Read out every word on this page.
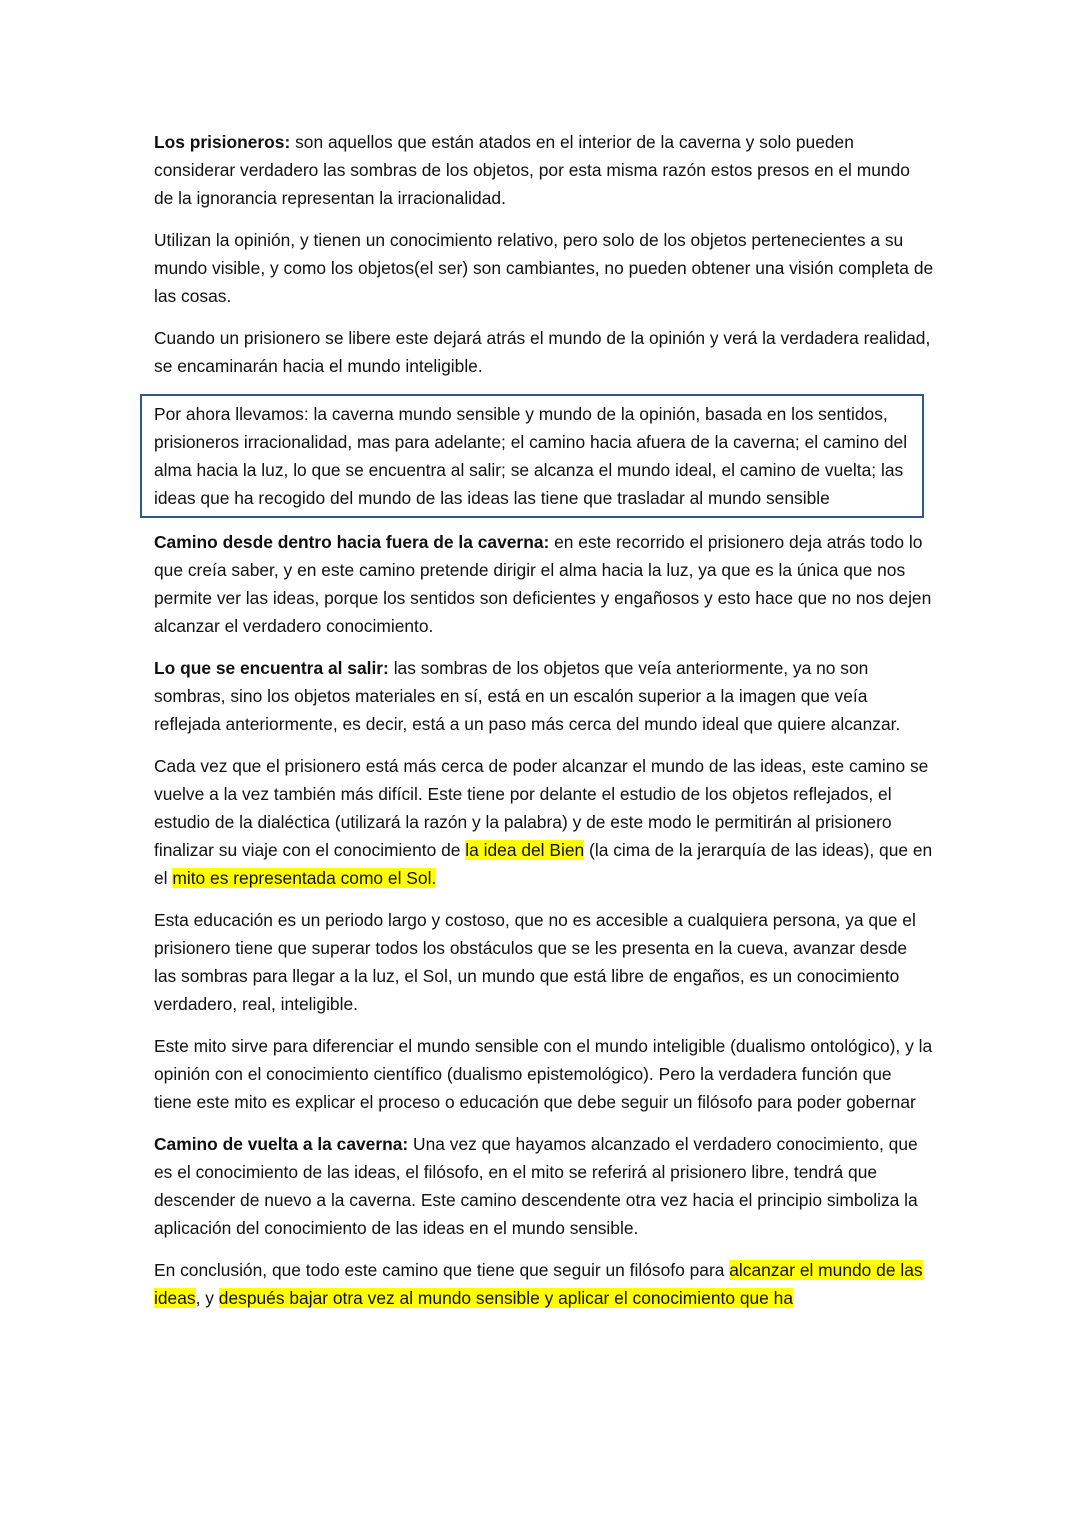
Los prisioneros: son aquellos que están atados en el interior de la caverna y solo pueden considerar verdadero las sombras de los objetos, por esta misma razón estos presos en el mundo de la ignorancia representan la irracionalidad.

Utilizan la opinión, y tienen un conocimiento relativo, pero solo de los objetos pertenecientes a su mundo visible, y como los objetos(el ser) son cambiantes, no pueden obtener una visión completa de las cosas.

Cuando un prisionero se libere este dejará atrás el mundo de la opinión y verá la verdadera realidad, se encaminarán hacia el mundo inteligible.

Por ahora llevamos: la caverna mundo sensible y mundo de la opinión, basada en los sentidos, prisioneros irracionalidad, mas para adelante; el camino hacia afuera de la caverna; el camino del alma hacia la luz, lo que se encuentra al salir; se alcanza el mundo ideal, el camino de vuelta; las ideas que ha recogido del mundo de las ideas las tiene que trasladar al mundo sensible

Camino desde dentro hacia fuera de la caverna: en este recorrido el prisionero deja atrás todo lo que creía saber, y en este camino pretende dirigir el alma hacia la luz, ya que es la única que nos permite ver las ideas, porque los sentidos son deficientes y engañosos y esto hace que no nos dejen alcanzar el verdadero conocimiento.

Lo que se encuentra al salir: las sombras de los objetos que veía anteriormente, ya no son sombras, sino los objetos materiales en sí, está en un escalón superior a la imagen que veía reflejada anteriormente, es decir, está a un paso más cerca del mundo ideal que quiere alcanzar.

Cada vez que el prisionero está más cerca de poder alcanzar el mundo de las ideas, este camino se vuelve a la vez también más difícil. Este tiene por delante el estudio de los objetos reflejados, el estudio de la dialéctica (utilizará la razón y la palabra) y de este modo le permitirán al prisionero finalizar su viaje con el conocimiento de la idea del Bien (la cima de la jerarquía de las ideas), que en el mito es representada como el Sol.

Esta educación es un periodo largo y costoso, que no es accesible a cualquiera persona, ya que el prisionero tiene que superar todos los obstáculos que se les presenta en la cueva, avanzar desde las sombras para llegar a la luz, el Sol, un mundo que está libre de engaños, es un conocimiento verdadero, real, inteligible.

Este mito sirve para diferenciar el mundo sensible con el mundo inteligible (dualismo ontológico), y la opinión con el conocimiento científico (dualismo epistemológico). Pero la verdadera función que tiene este mito es explicar el proceso o educación que debe seguir un filósofo para poder gobernar

Camino de vuelta a la caverna: Una vez que hayamos alcanzado el verdadero conocimiento, que es el conocimiento de las ideas, el filósofo, en el mito se referirá al prisionero libre, tendrá que descender de nuevo a la caverna. Este camino descendente otra vez hacia el principio simboliza la aplicación del conocimiento de las ideas en el mundo sensible.

En conclusión, que todo este camino que tiene que seguir un filósofo para alcanzar el mundo de las ideas, y después bajar otra vez al mundo sensible y aplicar el conocimiento que ha
